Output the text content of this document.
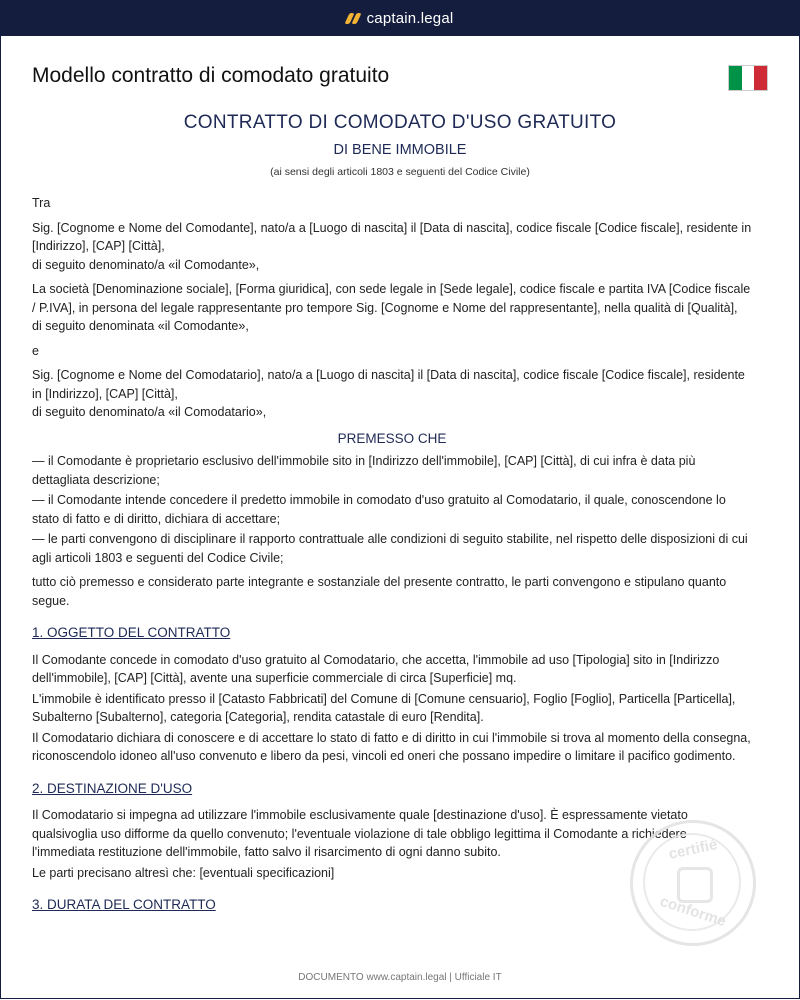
captain.legal
Modello contratto di comodato gratuito
CONTRATTO DI COMODATO D'USO GRATUITO
DI BENE IMMOBILE
(ai sensi degli articoli 1803 e seguenti del Codice Civile)

Tra

Sig. [Cognome e Nome del Comodante], nato/a a [Luogo di nascita] il [Data di nascita], codice fiscale [Codice fiscale], residente in [Indirizzo], [CAP] [Città],
di seguito denominato/a «il Comodante»,

La società [Denominazione sociale], [Forma giuridica], con sede legale in [Sede legale], codice fiscale e partita IVA [Codice fiscale / P.IVA], in persona del legale rappresentante pro tempore Sig. [Cognome e Nome del rappresentante], nella qualità di [Qualità],
di seguito denominata «il Comodante»,

e

Sig. [Cognome e Nome del Comodatario], nato/a a [Luogo di nascita] il [Data di nascita], codice fiscale [Codice fiscale], residente in [Indirizzo], [CAP] [Città],
di seguito denominato/a «il Comodatario»,

PREMESSO CHE

— il Comodante è proprietario esclusivo dell'immobile sito in [Indirizzo dell'immobile], [CAP] [Città], di cui infra è data più dettagliata descrizione;

— il Comodante intende concedere il predetto immobile in comodato d'uso gratuito al Comodatario, il quale, conoscendone lo stato di fatto e di diritto, dichiara di accettare;

— le parti convengono di disciplinare il rapporto contrattuale alle condizioni di seguito stabilite, nel rispetto delle disposizioni di cui agli articoli 1803 e seguenti del Codice Civile;

tutto ciò premesso e considerato parte integrante e sostanziale del presente contratto, le parti convengono e stipulano quanto segue.

1. OGGETTO DEL CONTRATTO

Il Comodante concede in comodato d'uso gratuito al Comodatario, che accetta, l'immobile ad uso [Tipologia] sito in [Indirizzo dell'immobile], [CAP] [Città], avente una superficie commerciale di circa [Superficie] mq.

L'immobile è identificato presso il [Catasto Fabbricati] del Comune di [Comune censuario], Foglio [Foglio], Particella [Particella], Subalterno [Subalterno], categoria [Categoria], rendita catastale di euro [Rendita].

Il Comodatario dichiara di conoscere e di accettare lo stato di fatto e di diritto in cui l'immobile si trova al momento della consegna, riconoscendolo idoneo all'uso convenuto e libero da pesi, vincoli ed oneri che possano impedire o limitare il pacifico godimento.

2. DESTINAZIONE D'USO

Il Comodatario si impegna ad utilizzare l'immobile esclusivamente quale [destinazione d'uso]. È espressamente vietato qualsivoglia uso difforme da quello convenuto; l'eventuale violazione di tale obbligo legittima il Comodante a richiedere l'immediata restituzione dell'immobile, fatto salvo il risarcimento di ogni danno subito.

Le parti precisano altresì che: [eventuali specificazioni]

3. DURATA DEL CONTRATTO

certifié
conforme
DOCUMENTO www.captain.legal | Ufficiale IT
